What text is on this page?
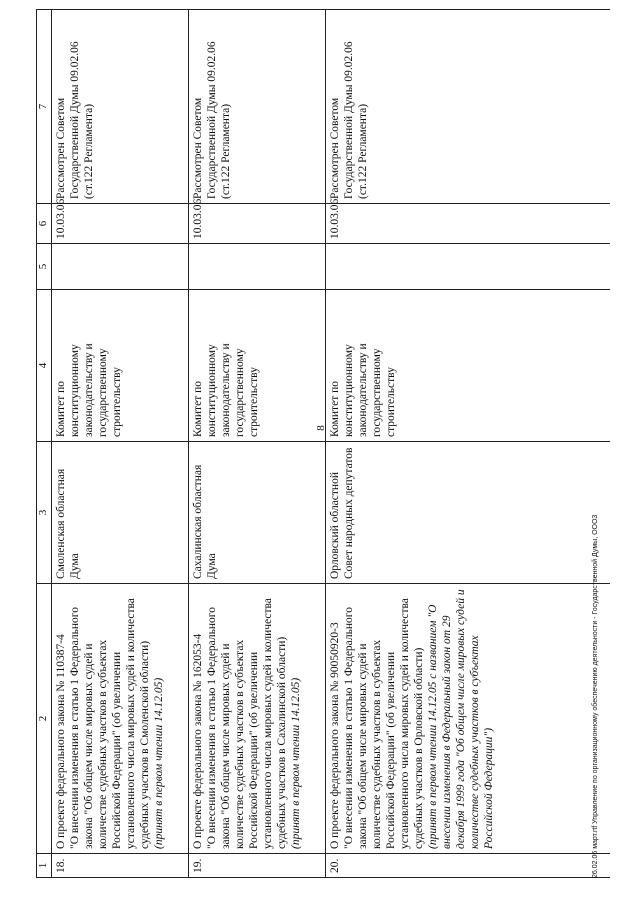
8
1	2	3	4	5	6	7
18.	О проекте федерального закона № 110387-4 "О внесении изменения в статью 1 Федерального закона "Об общем числе мировых судей и количестве судебных участков в субъектах Российской Федерации" (об увеличении установленного числа мировых судей и количества судебных участков в Смоленской области) (принят в первом чтении 14.12.05)	Смоленская областная Дума	Комитет по конституционному законодательству и государственному строительству		10.03.06	Рассмотрен Советом Государственной Думы 09.02.06 (ст.122 Регламента)
19.	О проекте федерального закона № 162053-4 "О внесении изменения в статью 1 Федерального закона "Об общем числе мировых судей и количестве судебных участков в субъектах Российской Федерации" (об увеличении установленного числа мировых судей и количества судебных участков в Сахалинской области) (принят в первом чтении 14.12.05)	Сахалинская областная Дума	Комитет по конституционному законодательству и государственному строительству		10.03.06	Рассмотрен Советом Государственной Думы 09.02.06 (ст.122 Регламента)
20.	О проекте федерального закона № 90050920-3 "О внесении изменения в статью 1 Федерального закона "Об общем числе мировых судей и количестве судебных участков в субъектах Российской Федерации" (об увеличении установленного числа мировых судей и количества судебных участков в Орловской области) (принят в первом чтении 14.12.05 с названием "О внесении изменения в Федеральный закон от 29 декабря 1999 года "Об общем числе мировых судей и количестве судебных участков в субъектах Российской Федерации")	Орловский областной Совет народных депутатов	Комитет по конституционному законодательству и государственному строительству		10.03.06	Рассмотрен Советом Государственной Думы 09.02.06 (ст.122 Регламента)
26.02.06 март.rtf Управление по организационному обеспечению деятельности - Государственной Думы, ООО3
